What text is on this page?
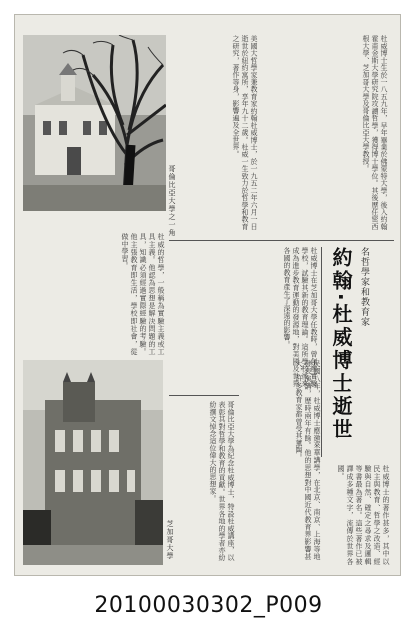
哥倫比亞大學之一角
名哲學家和教育家
約翰·杜威博士逝世
美國大哲學家兼教育家約翰杜威博士，於一九五二年六月一日逝世於紐約寓所，享年九十二歲。杜威一生致力於哲學和教育之研究，著作等身，影響遍及全世界。	杜威博士生於一八五九年，早年畢業於佛蒙特大學，後入約翰霍甫金斯大學研究院攻讀哲學，獲得博士學位。其後歷任密西根大學、芝加哥大學及哥倫比亞大學教授。
杜威的哲學，一般稱為實驗主義或工具主義。他認為思想是解決問題的工具，知識必須經過實際經驗的考驗。他主張教育即生活，學校即社會，從做中學習。	杜威博士在芝加哥大學任教時，曾創辦實驗學校，試驗其新的教育理論。這所學校後來成為進步教育運動的發源地，對美國及世界各國的教育產生了深遠的影響。
民國八年，杜威博士應邀來華講學，在北京、南京、上海等地發表演講，歷時兩年有餘。他的思想對中國近代教育界影響甚大，許多教育家都曾受其薰陶。
杜威博士的著作甚多，其中以民主與教育、哲學之改造、經驗與自然、確定之尋求及邏輯等書最為著名。這些著作已被譯成多種文字，流傳於世界各國。
哥倫比亞大學為紀念杜威博士，特設杜威講座，以表彰其對哲學和教育的貢獻。世界各地的學者亦紛紛撰文悼念這位偉大的思想家。
芝加哥大學
20100030302_P009
